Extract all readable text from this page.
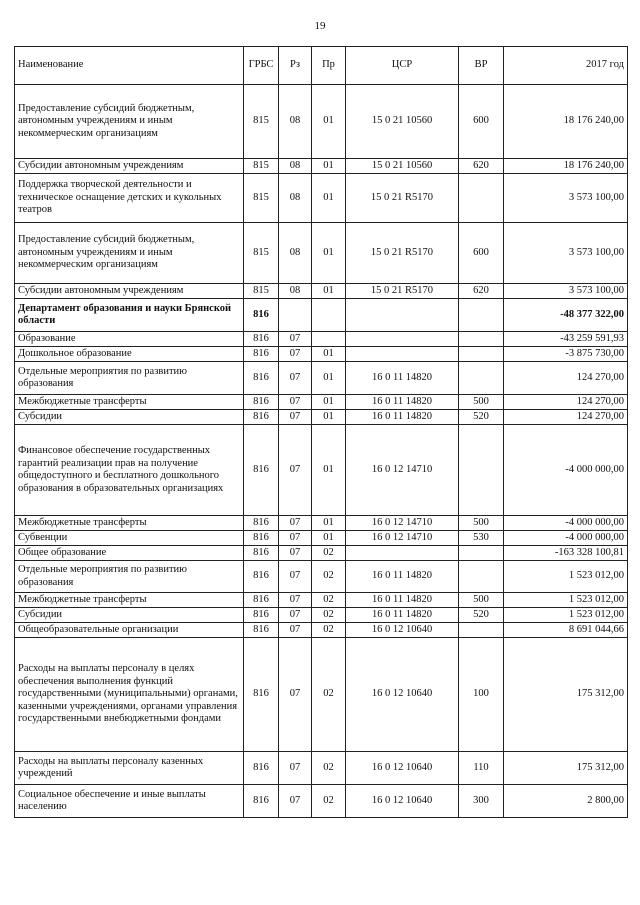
19
Наименование	ГРБС	Рз	Пр	ЦСР	ВР	2017 год
Предоставление субсидий бюджетным, автономным учреждениям и иным некоммерческим организациям	815	08	01	15 0 21 10560	600	18 176 240,00
Субсидии автономным учреждениям	815	08	01	15 0 21 10560	620	18 176 240,00
Поддержка творческой деятельности и техническое оснащение детских и кукольных театров	815	08	01	15 0 21 R5170		3 573 100,00
Предоставление субсидий бюджетным, автономным учреждениям и иным некоммерческим организациям	815	08	01	15 0 21 R5170	600	3 573 100,00
Субсидии автономным учреждениям	815	08	01	15 0 21 R5170	620	3 573 100,00
Департамент образования и науки Брянской области	816					-48 377 322,00
Образование	816	07				-43 259 591,93
Дошкольное образование	816	07	01			-3 875 730,00
Отдельные мероприятия по развитию образования	816	07	01	16 0 11 14820		124 270,00
Межбюджетные трансферты	816	07	01	16 0 11 14820	500	124 270,00
Субсидии	816	07	01	16 0 11 14820	520	124 270,00
Финансовое обеспечение государственных гарантий реализации прав на получение общедоступного и бесплатного дошкольного образования в образовательных организациях	816	07	01	16 0 12 14710		-4 000 000,00
Межбюджетные трансферты	816	07	01	16 0 12 14710	500	-4 000 000,00
Субвенции	816	07	01	16 0 12 14710	530	-4 000 000,00
Общее образование	816	07	02			-163 328 100,81
Отдельные мероприятия по развитию образования	816	07	02	16 0 11 14820		1 523 012,00
Межбюджетные трансферты	816	07	02	16 0 11 14820	500	1 523 012,00
Субсидии	816	07	02	16 0 11 14820	520	1 523 012,00
Общеобразовательные организации	816	07	02	16 0 12 10640		8 691 044,66
Расходы на выплаты персоналу в целях обеспечения выполнения функций государственными (муниципальными) органами, казенными учреждениями, органами управления государственными внебюджетными фондами	816	07	02	16 0 12 10640	100	175 312,00
Расходы на выплаты персоналу казенных учреждений	816	07	02	16 0 12 10640	110	175 312,00
Социальное обеспечение и иные выплаты населению	816	07	02	16 0 12 10640	300	2 800,00
